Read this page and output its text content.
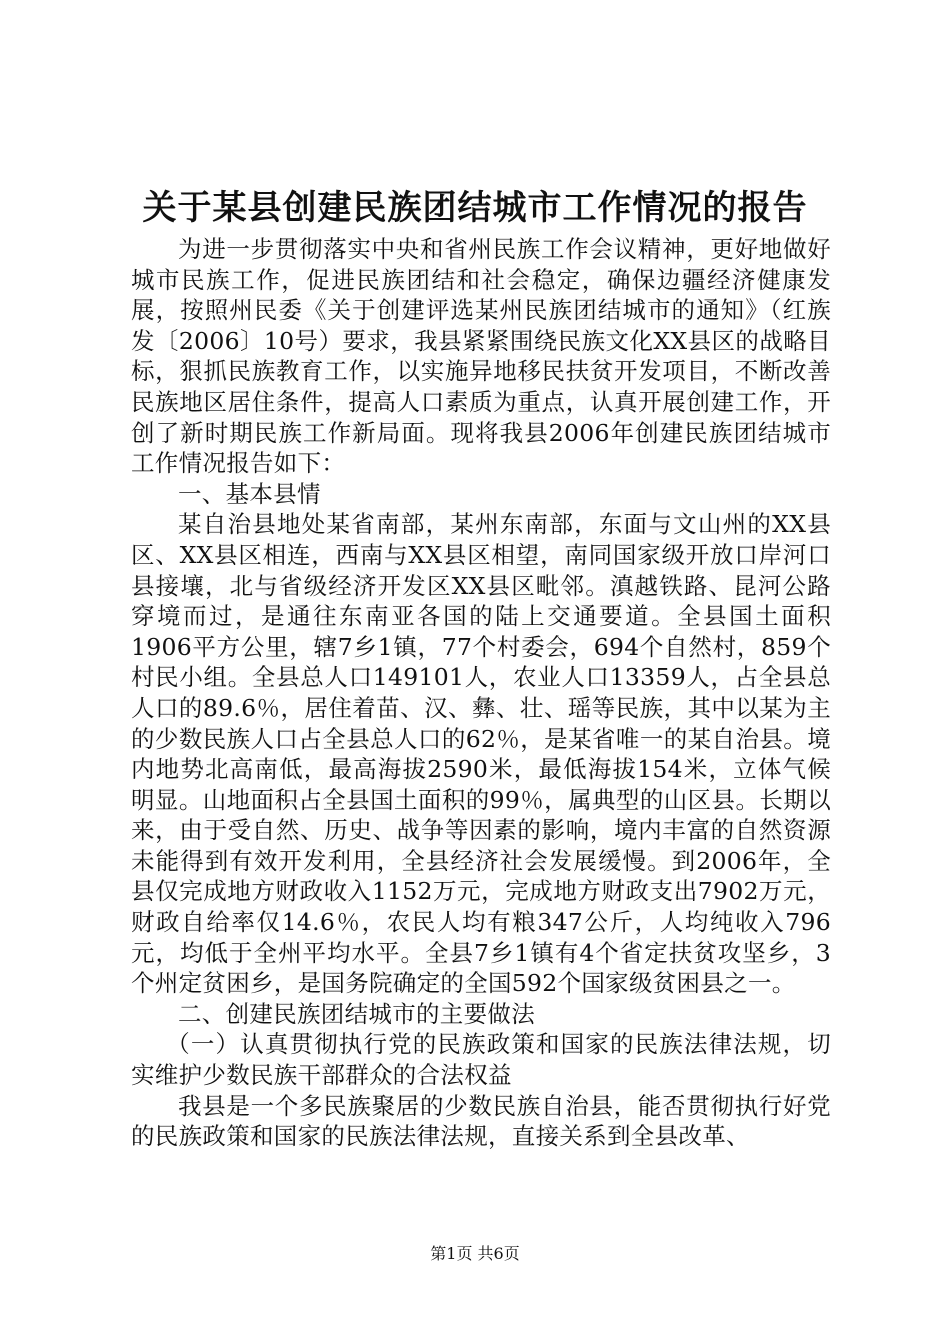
关于某县创建民族团结城市工作情况的报告

为进一步贯彻落实中央和省州民族工作会议精神，更好地做好城市民族工作，促进民族团结和社会稳定，确保边疆经济健康发展，按照州民委《关于创建评选某州民族团结城市的通知》（红族发〔2006〕10号）要求，我县紧紧围绕民族文化XX县区的战略目标，狠抓民族教育工作，以实施异地移民扶贫开发项目，不断改善民族地区居住条件，提高人口素质为重点，认真开展创建工作，开创了新时期民族工作新局面。现将我县2006年创建民族团结城市工作情况报告如下：

一、基本县情

某自治县地处某省南部，某州东南部，东面与文山州的XX县区、XX县区相连，西南与XX县区相望，南同国家级开放口岸河口县接壤，北与省级经济开发区XX县区毗邻。滇越铁路、昆河公路穿境而过，是通往东南亚各国的陆上交通要道。全县国土面积1906平方公里，辖7乡1镇，77个村委会，694个自然村，859个村民小组。全县总人口149101人，农业人口13359人，占全县总人口的89.6％，居住着苗、汉、彝、壮、瑶等民族，其中以某为主的少数民族人口占全县总人口的62％，是某省唯一的某自治县。境内地势北高南低，最高海拔2590米，最低海拔154米，立体气候明显。山地面积占全县国土面积的99％，属典型的山区县。长期以来，由于受自然、历史、战争等因素的影响，境内丰富的自然资源未能得到有效开发利用，全县经济社会发展缓慢。到2006年，全县仅完成地方财政收入1152万元，完成地方财政支出7902万元，财政自给率仅14.6％，农民人均有粮347公斤，人均纯收入796元，均低于全州平均水平。全县7乡1镇有4个省定扶贫攻坚乡，3个州定贫困乡，是国务院确定的全国592个国家级贫困县之一。

二、创建民族团结城市的主要做法

（一）认真贯彻执行党的民族政策和国家的民族法律法规，切实维护少数民族干部群众的合法权益

我县是一个多民族聚居的少数民族自治县，能否贯彻执行好党的民族政策和国家的民族法律法规，直接关系到全县改革、

第1页 共6页
